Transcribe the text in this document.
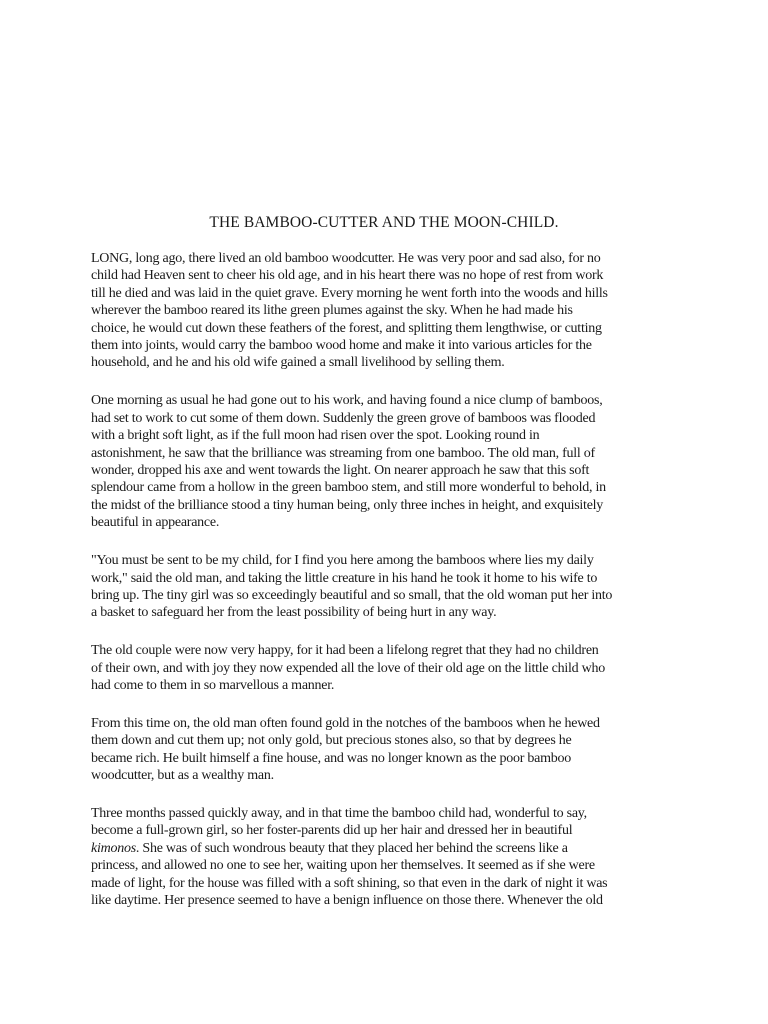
THE BAMBOO-CUTTER AND THE MOON-CHILD.

LONG, long ago, there lived an old bamboo woodcutter. He was very poor and sad also, for no
child had Heaven sent to cheer his old age, and in his heart there was no hope of rest from work
till he died and was laid in the quiet grave. Every morning he went forth into the woods and hills
wherever the bamboo reared its lithe green plumes against the sky. When he had made his
choice, he would cut down these feathers of the forest, and splitting them lengthwise, or cutting
them into joints, would carry the bamboo wood home and make it into various articles for the
household, and he and his old wife gained a small livelihood by selling them.

One morning as usual he had gone out to his work, and having found a nice clump of bamboos,
had set to work to cut some of them down. Suddenly the green grove of bamboos was flooded
with a bright soft light, as if the full moon had risen over the spot. Looking round in
astonishment, he saw that the brilliance was streaming from one bamboo. The old man, full of
wonder, dropped his axe and went towards the light. On nearer approach he saw that this soft
splendour came from a hollow in the green bamboo stem, and still more wonderful to behold, in
the midst of the brilliance stood a tiny human being, only three inches in height, and exquisitely
beautiful in appearance.

"You must be sent to be my child, for I find you here among the bamboos where lies my daily
work," said the old man, and taking the little creature in his hand he took it home to his wife to
bring up. The tiny girl was so exceedingly beautiful and so small, that the old woman put her into
a basket to safeguard her from the least possibility of being hurt in any way.

The old couple were now very happy, for it had been a lifelong regret that they had no children
of their own, and with joy they now expended all the love of their old age on the little child who
had come to them in so marvellous a manner.

From this time on, the old man often found gold in the notches of the bamboos when he hewed
them down and cut them up; not only gold, but precious stones also, so that by degrees he
became rich. He built himself a fine house, and was no longer known as the poor bamboo
woodcutter, but as a wealthy man.

Three months passed quickly away, and in that time the bamboo child had, wonderful to say,
become a full-grown girl, so her foster-parents did up her hair and dressed her in beautiful
kimonos. She was of such wondrous beauty that they placed her behind the screens like a
princess, and allowed no one to see her, waiting upon her themselves. It seemed as if she were
made of light, for the house was filled with a soft shining, so that even in the dark of night it was
like daytime. Her presence seemed to have a benign influence on those there. Whenever the old
